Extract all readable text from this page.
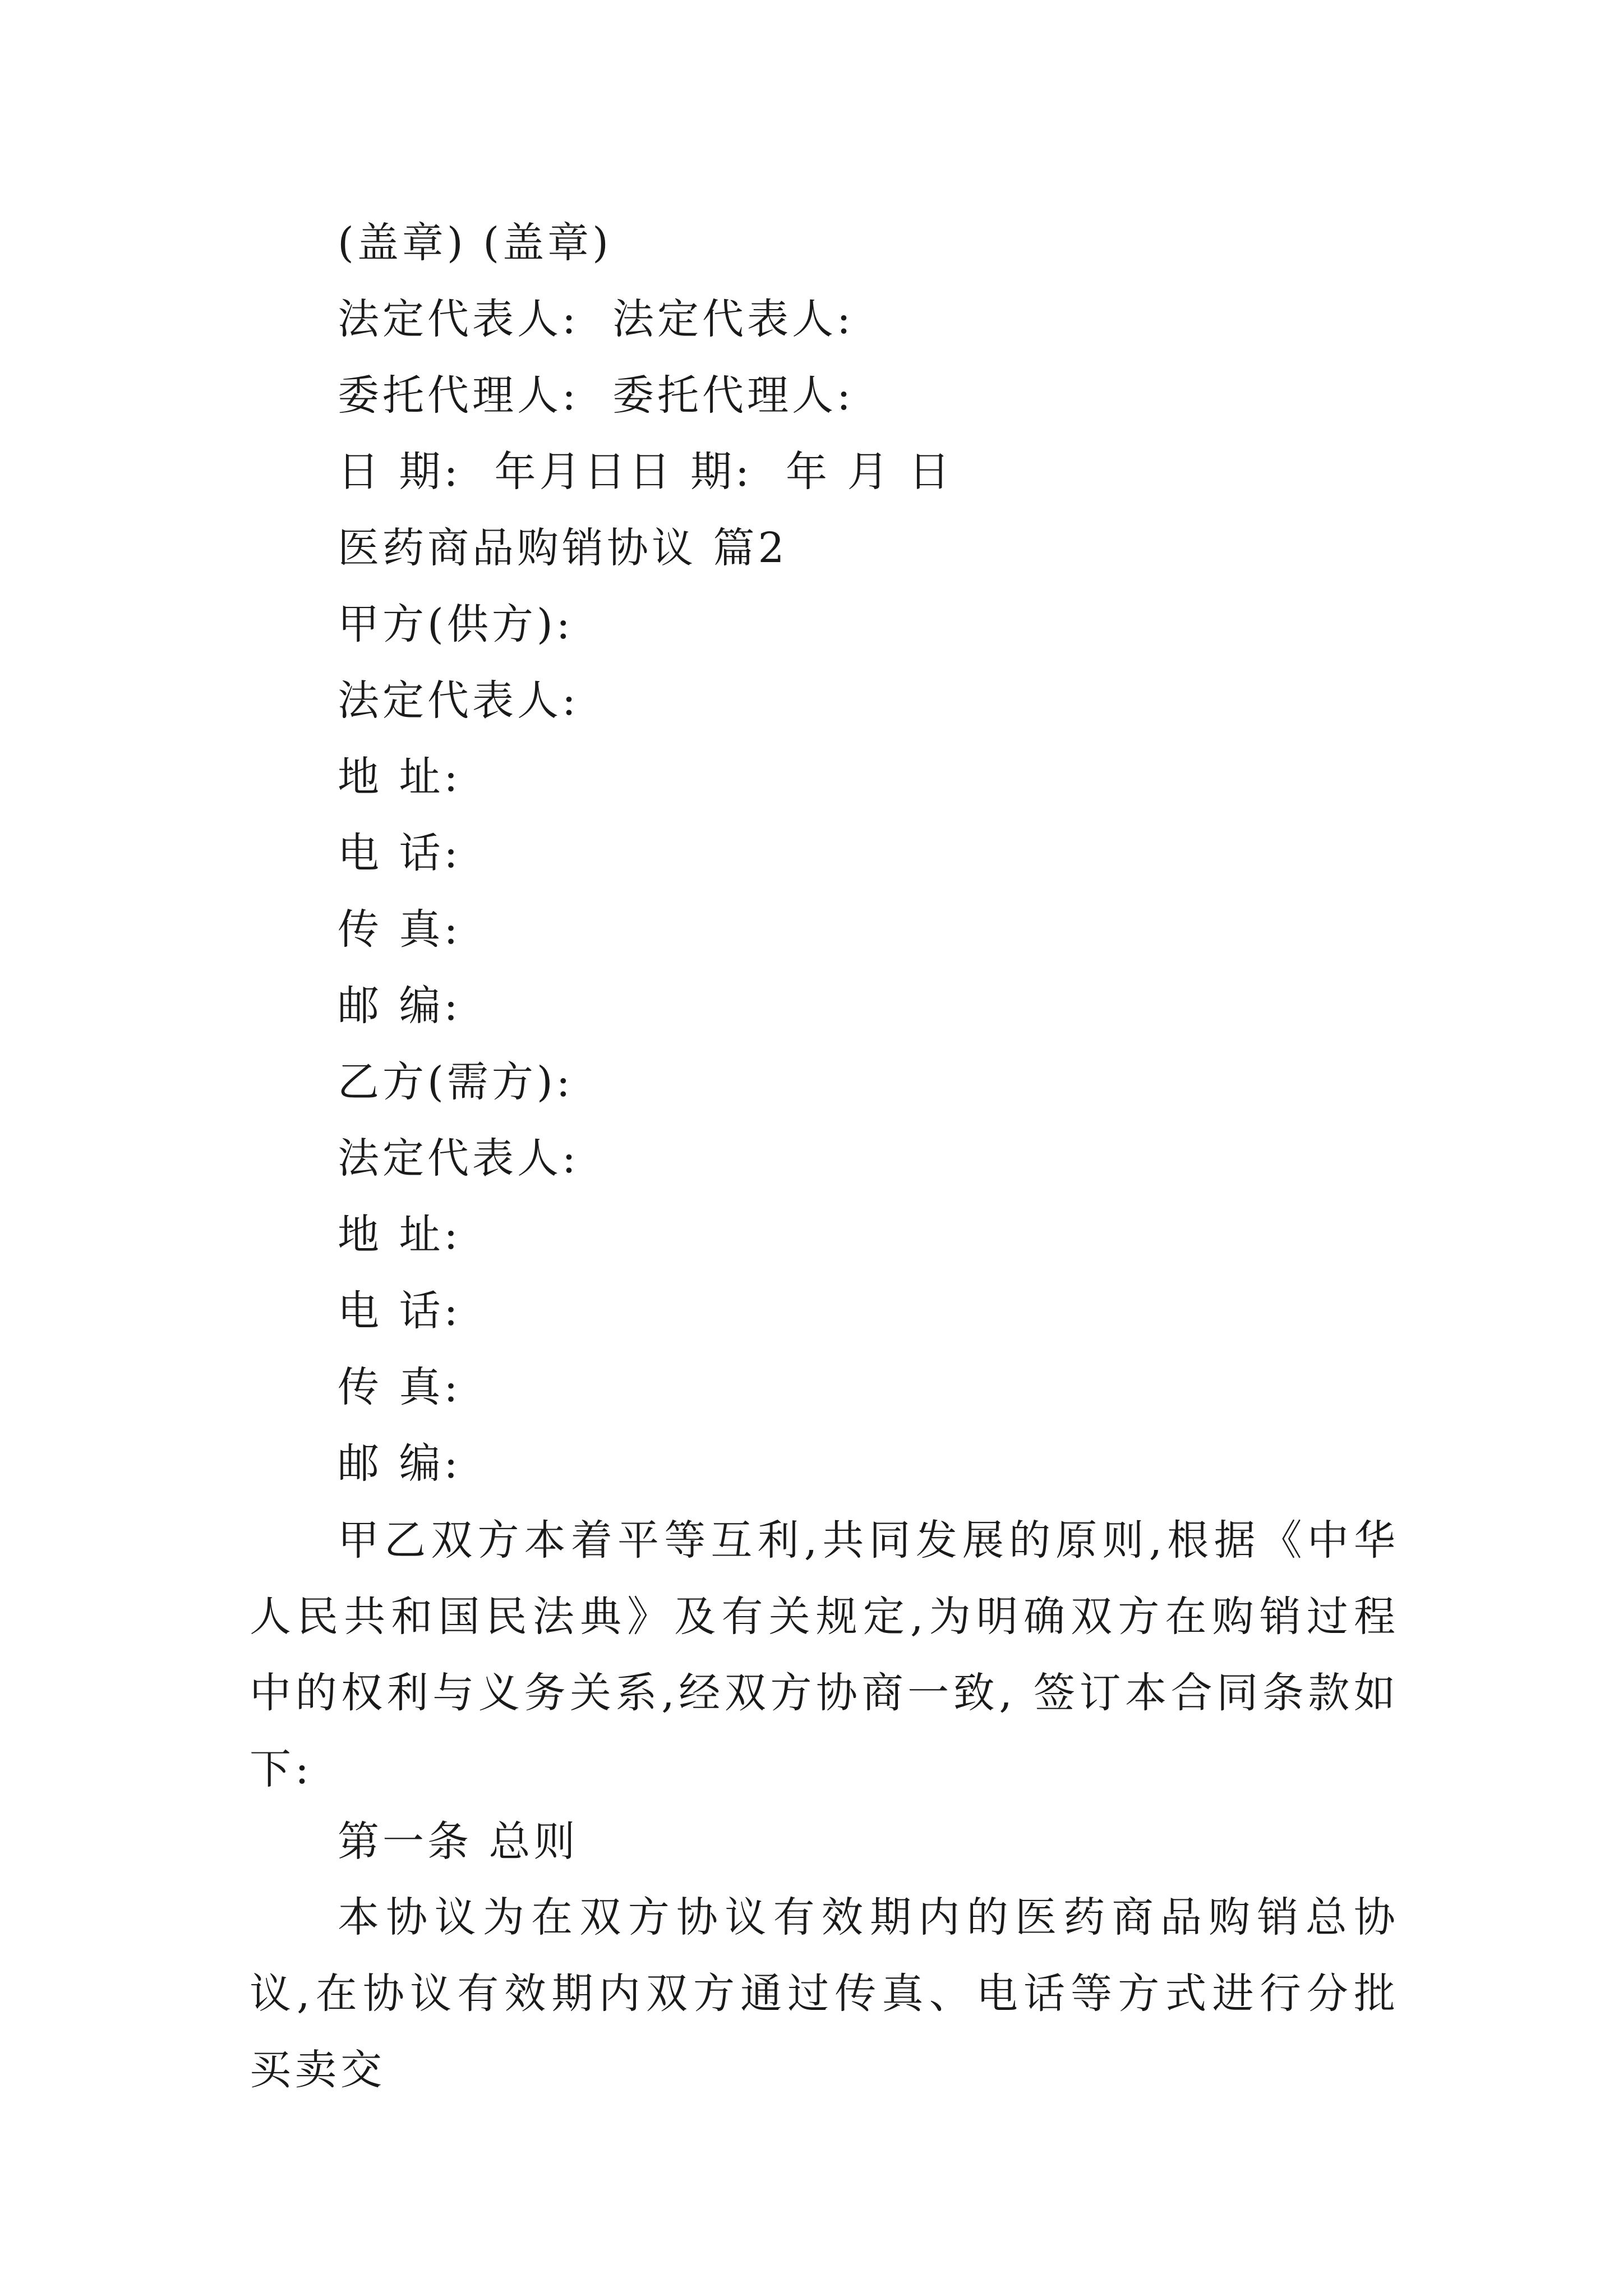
(盖章) (盖章)
法定代表人:  法定代表人:
委托代理人:  委托代理人:
日 期:  年月日日 期:  年 月 日
医药商品购销协议 篇2
甲方(供方):
法定代表人:
地 址:
电 话:
传 真:
邮 编:
乙方(需方):
法定代表人:
地 址:
电 话:
传 真:
邮 编:
甲乙双方本着平等互利,共同发展的原则,根据《中华人民共和国民法典》及有关规定,为明确双方在购销过程中的权利与义务关系,经双方协商一致, 签订本合同条款如下:
第一条 总则
本协议为在双方协议有效期内的医药商品购销总协议,在协议有效期内双方通过传真、电话等方式进行分批买卖交
